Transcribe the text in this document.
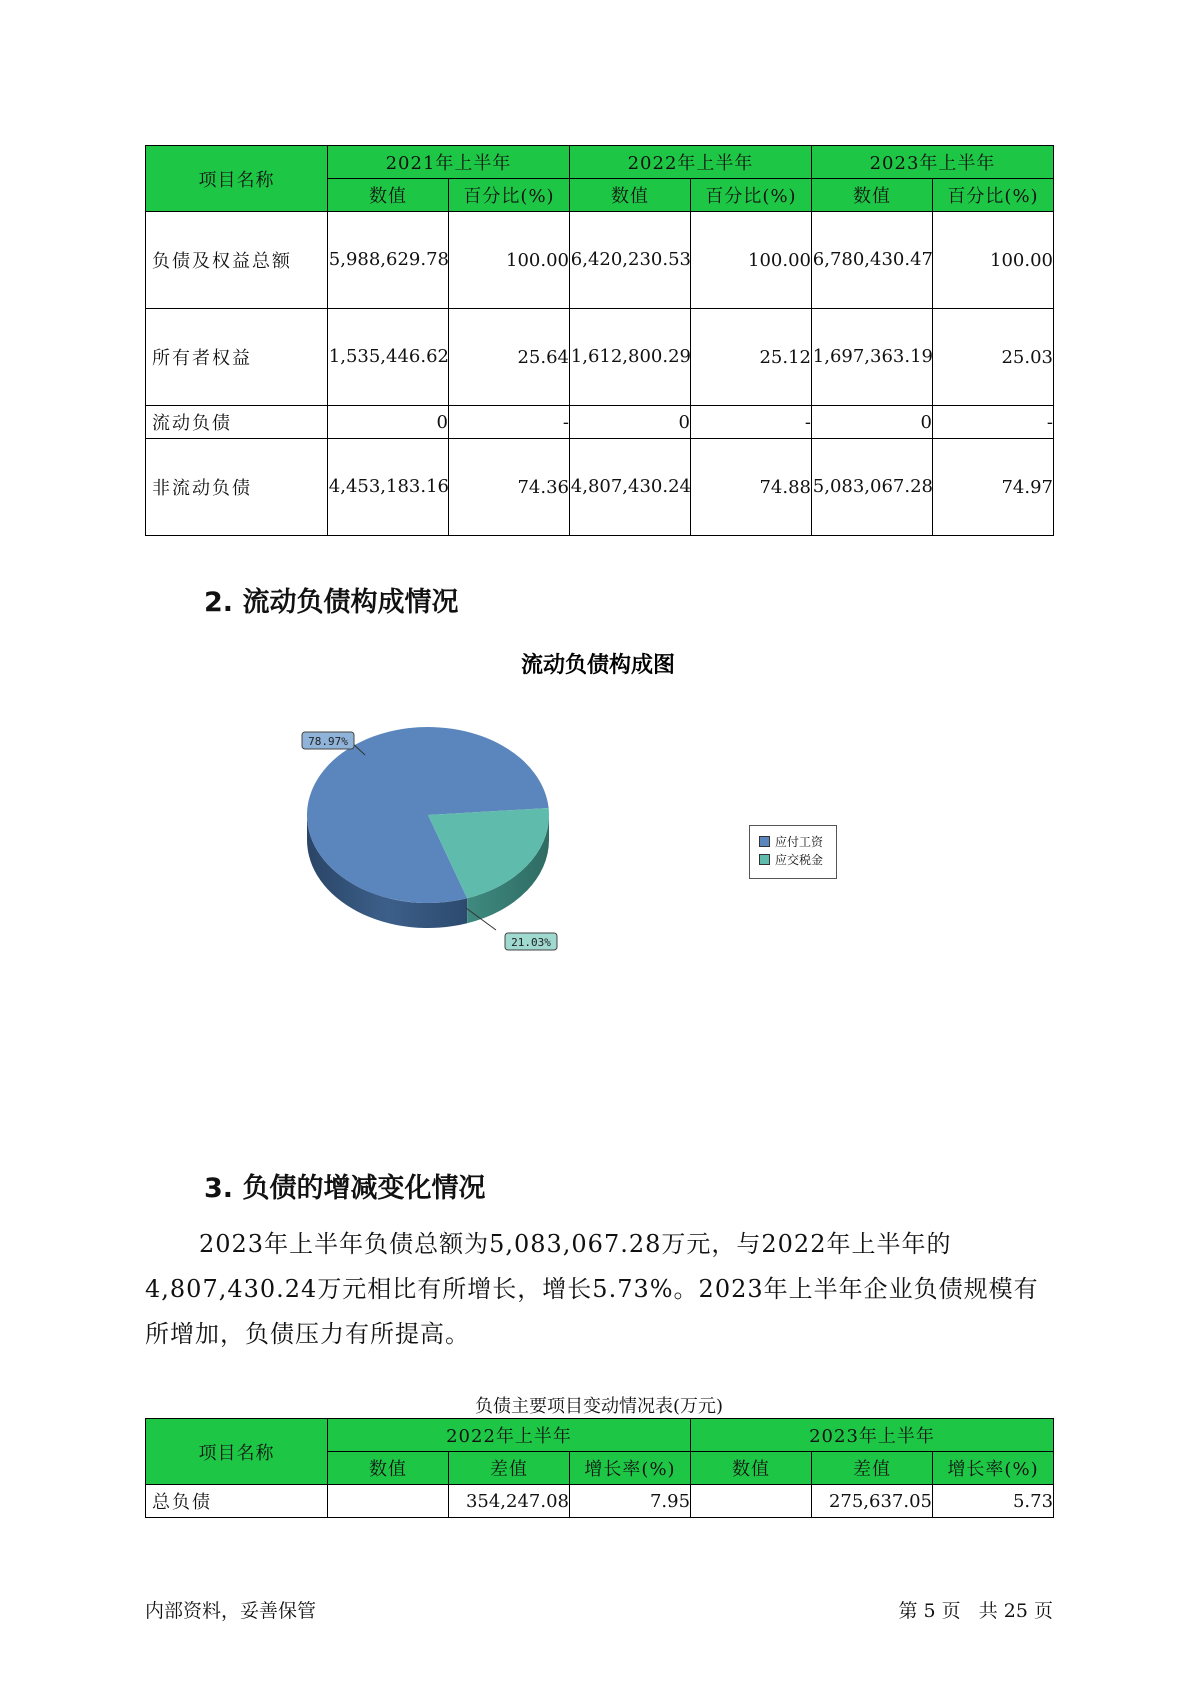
项目名称	2021年上半年		2022年上半年		2023年上半年	
	数值	百分比(%)	数值	百分比(%)	数值	百分比(%)
负债及权益总额	5,988,629.78	100.00	6,420,230.53	100.00	6,780,430.47	100.00
所有者权益	1,535,446.62	25.64	1,612,800.29	25.12	1,697,363.19	25.03
流动负债	0	-	0	-	0	-
非流动负债	4,453,183.16	74.36	4,807,430.24	74.88	5,083,067.28	74.97
2. 流动负债构成情况
流动负债构成图
78.97%
21.03%
应付工资
应交税金
3. 负债的增减变化情况

2023年上半年负债总额为5,083,067.28万元，与2022年上半年的4,807,430.24万元相比有所增长，增长5.73%。2023年上半年企业负债规模有所增加，负债压力有所提高。

负债主要项目变动情况表(万元)
项目名称	2022年上半年			2023年上半年		
	数值	差值	增长率(%)	数值	差值	增长率(%)
总负债		354,247.08	7.95		275,637.05	5.73
内部资料，妥善保管	第 5 页   共 25 页
